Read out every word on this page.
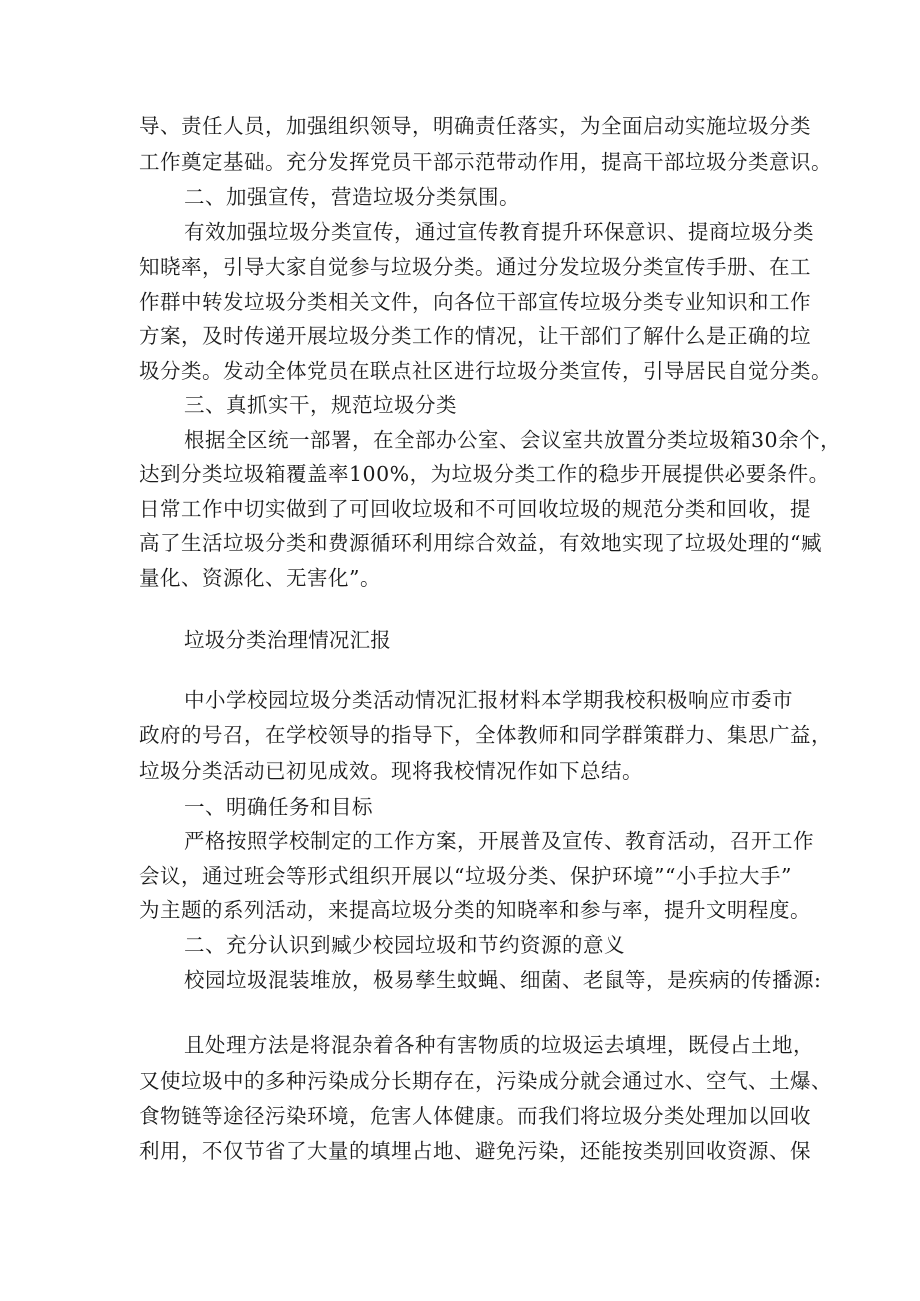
导、责任人员，加强组织领导，明确责任落实，为全面启动实施垃圾分类
工作奠定基础。充分发挥党员干部示范带动作用，提高干部垃圾分类意识。
二、加强宣传，营造垃圾分类氛围。
有效加强垃圾分类宣传，通过宣传教育提升环保意识、提商垃圾分类
知晓率，引导大家自觉参与垃圾分类。通过分发垃圾分类宣传手册、在工
作群中转发垃圾分类相关文件，向各位干部宣传垃圾分类专业知识和工作
方案，及时传递开展垃圾分类工作的情况，让干部们了解什么是正确的垃
圾分类。发动全体党员在联点社区进行垃圾分类宣传，引导居民自觉分类。
三、真抓实干，规范垃圾分类
根据全区统一部署，在全部办公室、会议室共放置分类垃圾箱30余个，
达到分类垃圾箱覆盖率100%，为垃圾分类工作的稳步开展提供必要条件。
日常工作中切实做到了可回收垃圾和不可回收垃圾的规范分类和回收，提
高了生活垃圾分类和费源循环利用综合效益，有效地实现了垃圾处理的“臧
量化、资源化、无害化”。
垃圾分类治理情况汇报
中小学校园垃圾分类活动情况汇报材料本学期我校积极响应市委市
政府的号召，在学校领导的指导下，全体教师和同学群策群力、集思广益，
垃圾分类活动已初见成效。现将我校情况作如下总结。
一、明确任务和目标
严格按照学校制定的工作方案，开展普及宣传、教育活动，召开工作
会议，通过班会等形式组织开展以“垃圾分类、保护环境”“小手拉大手”
为主题的系列活动，来提高垃圾分类的知晓率和参与率，提升文明程度。
二、充分认识到臧少校园垃圾和节约资源的意义
校园垃圾混装堆放，极易孳生蚊蝇、细菌、老鼠等，是疾病的传播源:
且处理方法是将混杂着各种有害物质的垃圾运去填埋，既侵占土地，
又使垃圾中的多种污染成分长期存在，污染成分就会通过水、空气、土爆、
食物链等途径污染环境，危害人体健康。而我们将垃圾分类处理加以回收
利用，不仅节省了大量的填埋占地、避免污染，还能按类别回收资源、保
